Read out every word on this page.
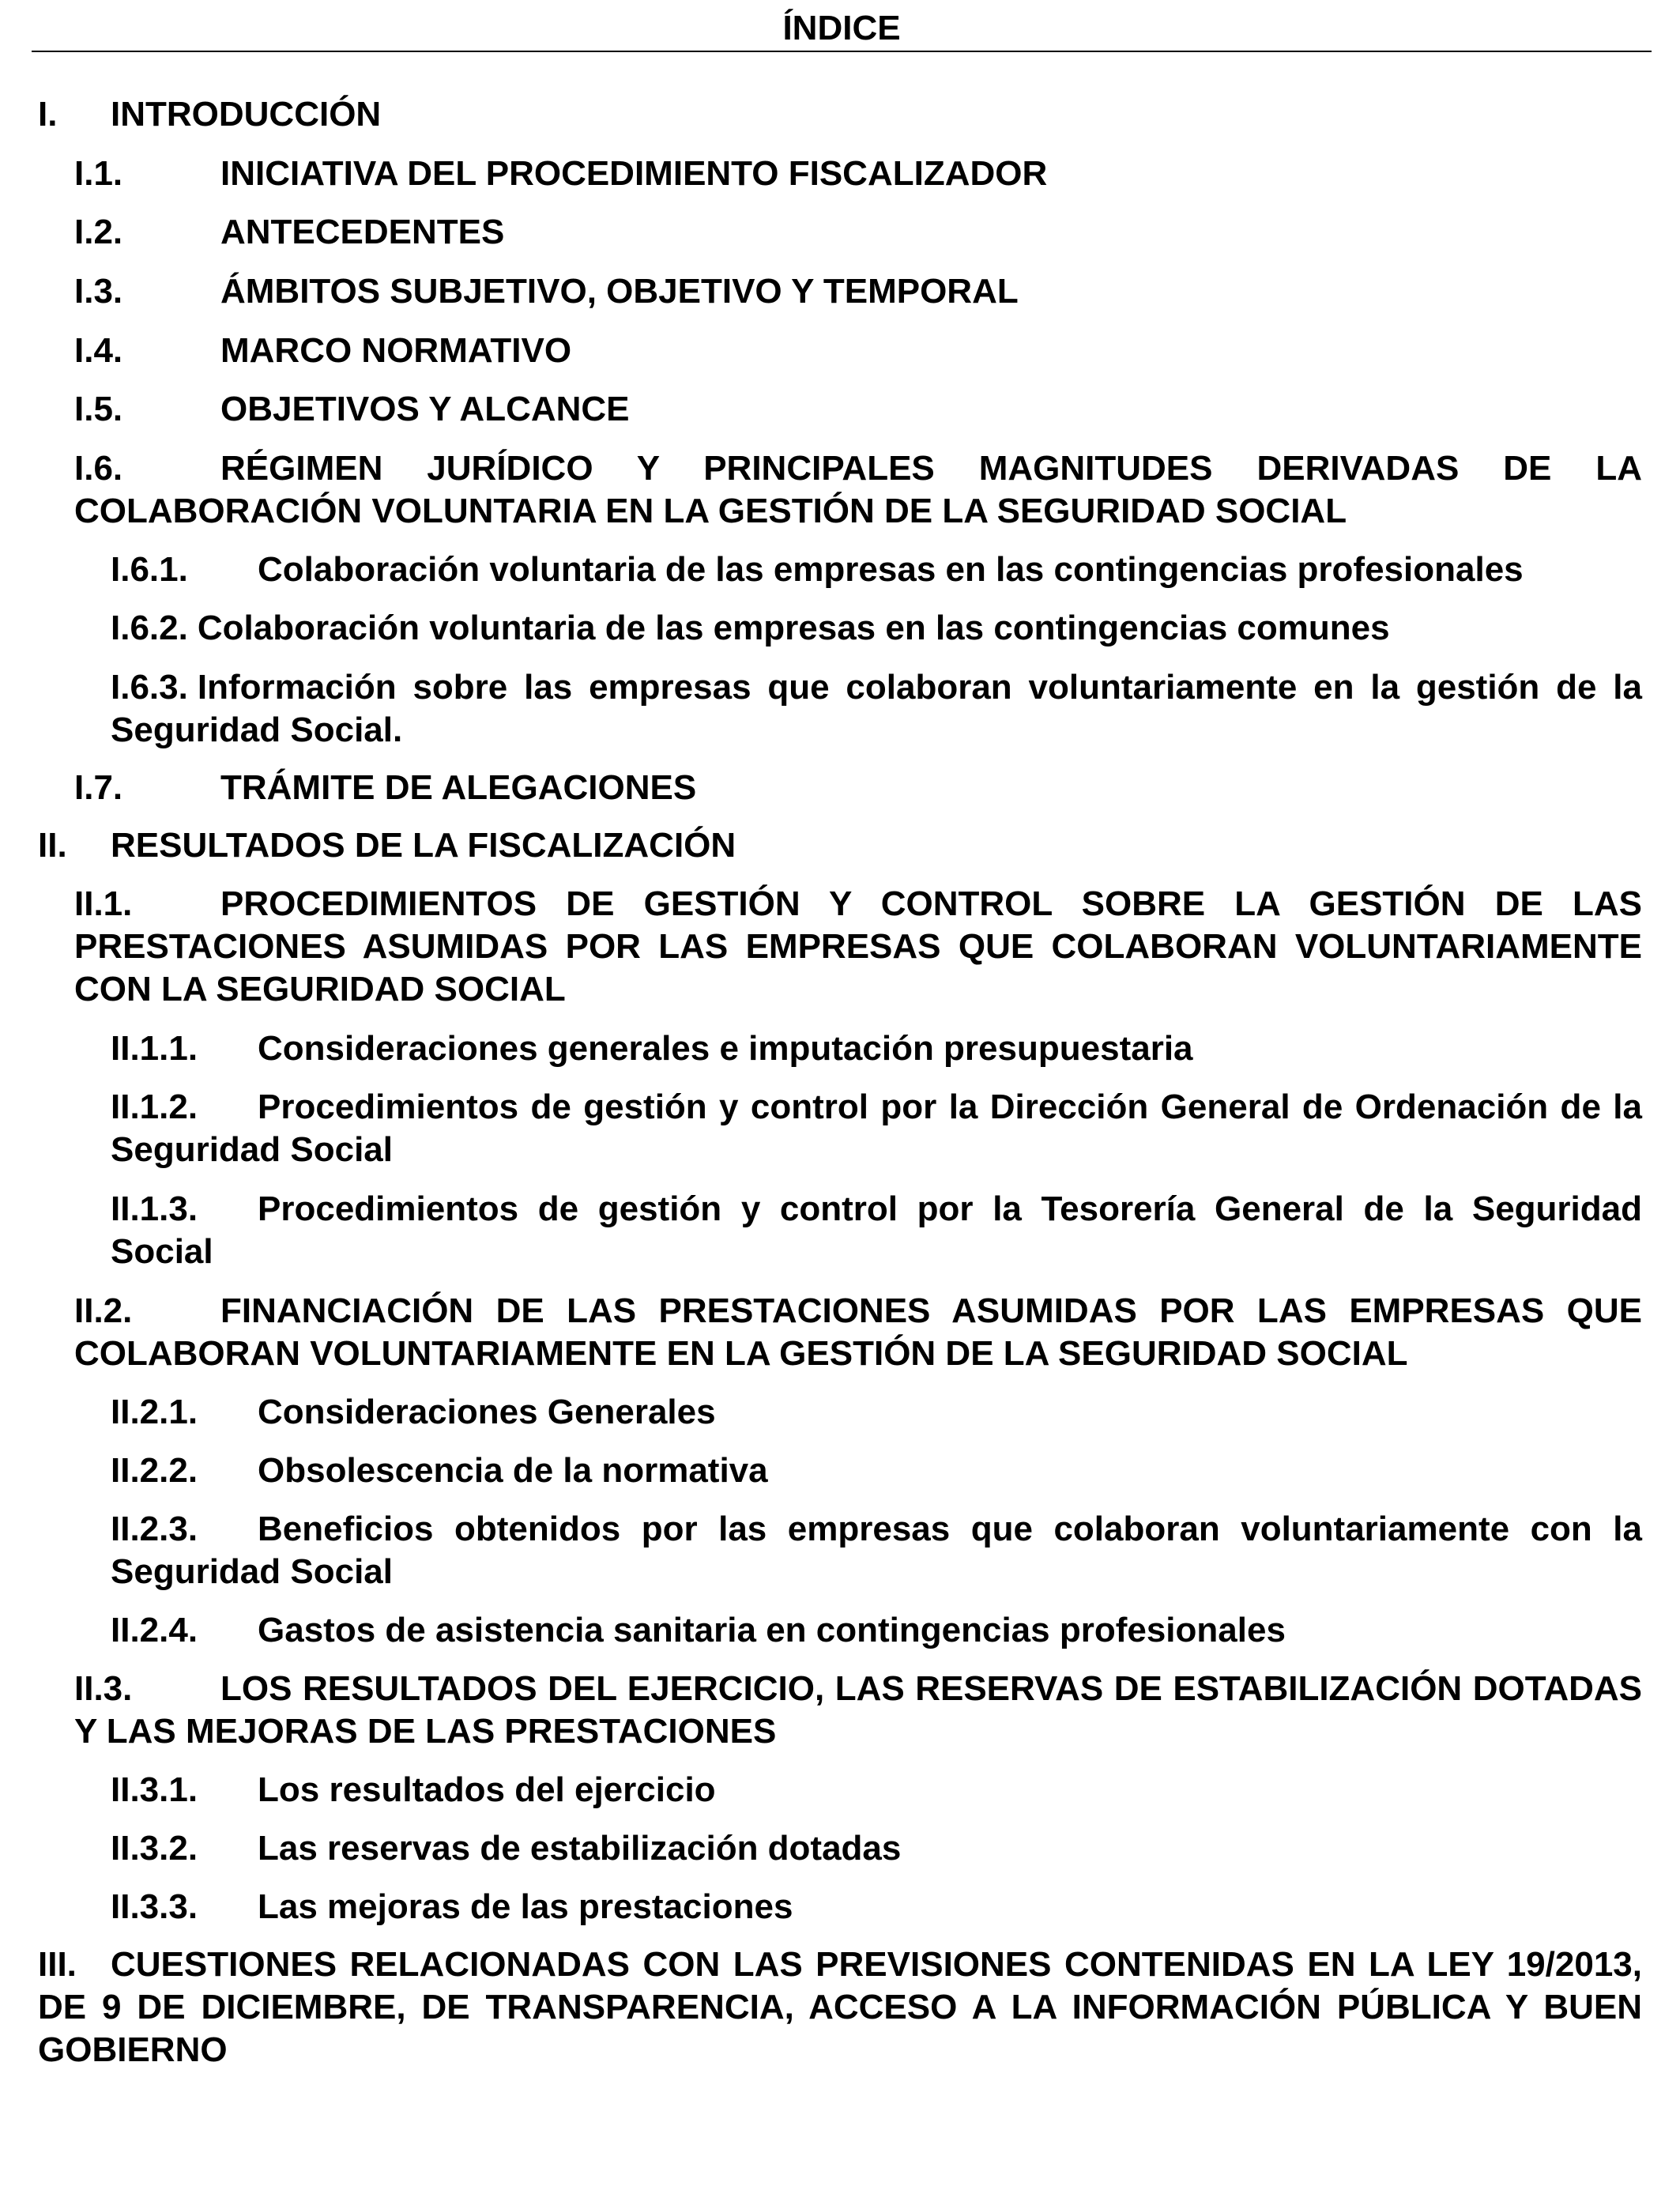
ÍNDICE
I. INTRODUCCIÓN
I.1.	INICIATIVA DEL PROCEDIMIENTO FISCALIZADOR
I.2.	ANTECEDENTES
I.3.	ÁMBITOS SUBJETIVO, OBJETIVO Y TEMPORAL
I.4.	MARCO NORMATIVO
I.5.	OBJETIVOS Y ALCANCE
I.6.	RÉGIMEN JURÍDICO Y PRINCIPALES MAGNITUDES DERIVADAS DE LA COLABORACIÓN VOLUNTARIA EN LA GESTIÓN DE LA SEGURIDAD SOCIAL
I.6.1. Colaboración voluntaria de las empresas en las contingencias profesionales
I.6.2. Colaboración voluntaria de las empresas en las contingencias comunes
I.6.3. Información sobre las empresas que colaboran voluntariamente en la gestión de la Seguridad Social.
I.7.	TRÁMITE DE ALEGACIONES
II. RESULTADOS DE LA FISCALIZACIÓN
II.1.	PROCEDIMIENTOS DE GESTIÓN Y CONTROL SOBRE LA GESTIÓN DE LAS PRESTACIONES ASUMIDAS POR LAS EMPRESAS QUE COLABORAN VOLUNTARIAMENTE CON LA SEGURIDAD SOCIAL
II.1.1. Consideraciones generales e imputación presupuestaria
II.1.2. Procedimientos de gestión y control por la Dirección General de Ordenación de la Seguridad Social
II.1.3. Procedimientos de gestión y control por la Tesorería General de la Seguridad Social
II.2.	FINANCIACIÓN DE LAS PRESTACIONES ASUMIDAS POR LAS EMPRESAS QUE COLABORAN VOLUNTARIAMENTE EN LA GESTIÓN DE LA SEGURIDAD SOCIAL
II.2.1. Consideraciones Generales
II.2.2. Obsolescencia de la normativa
II.2.3. Beneficios obtenidos por las empresas que colaboran voluntariamente con la Seguridad Social
II.2.4. Gastos de asistencia sanitaria en contingencias profesionales
II.3.	LOS RESULTADOS DEL EJERCICIO, LAS RESERVAS DE ESTABILIZACIÓN DOTADAS Y LAS MEJORAS DE LAS PRESTACIONES
II.3.1. Los resultados del ejercicio
II.3.2. Las reservas de estabilización dotadas
II.3.3. Las mejoras de las prestaciones
III. CUESTIONES RELACIONADAS CON LAS PREVISIONES CONTENIDAS EN LA LEY 19/2013, DE 9 DE DICIEMBRE, DE TRANSPARENCIA, ACCESO A LA INFORMACIÓN PÚBLICA Y BUEN GOBIERNO
